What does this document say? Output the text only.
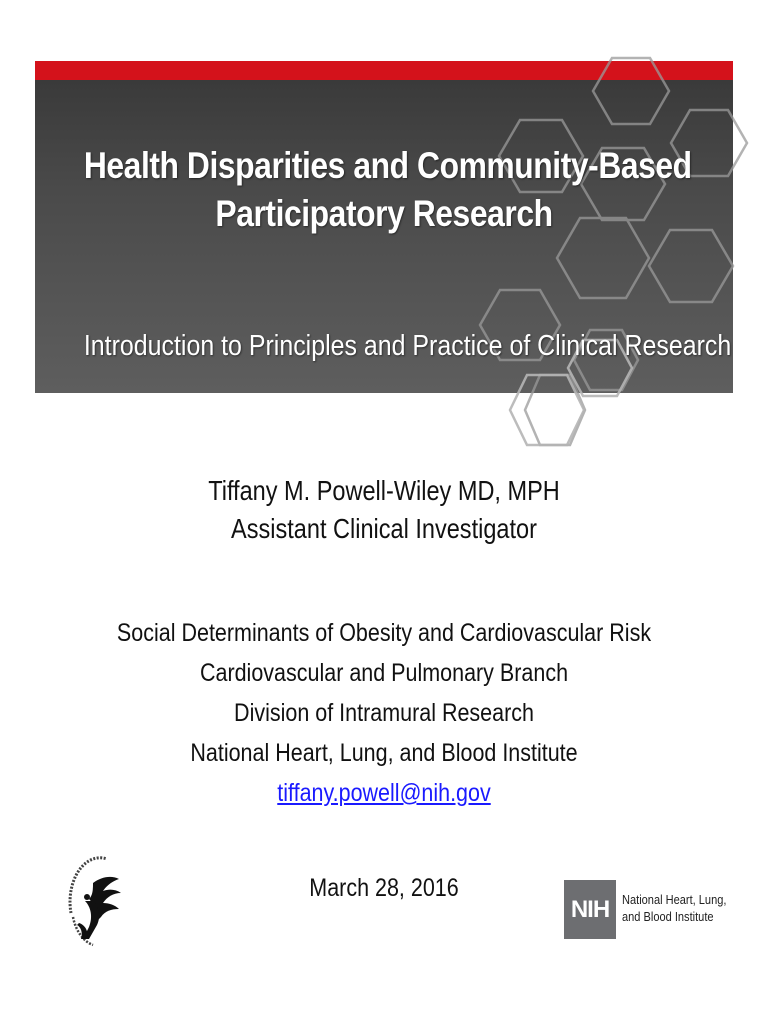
Health Disparities and Community-Based
Participatory Research
Introduction to Principles and Practice of Clinical Research
Tiffany M. Powell-Wiley MD, MPH
Assistant Clinical Investigator
Social Determinants of Obesity and Cardiovascular Risk
Cardiovascular and Pulmonary Branch
Division of Intramural Research
National Heart, Lung, and Blood Institute
tiffany.powell@nih.gov
March 28, 2016
NIH National Heart, Lung,
and Blood Institute
